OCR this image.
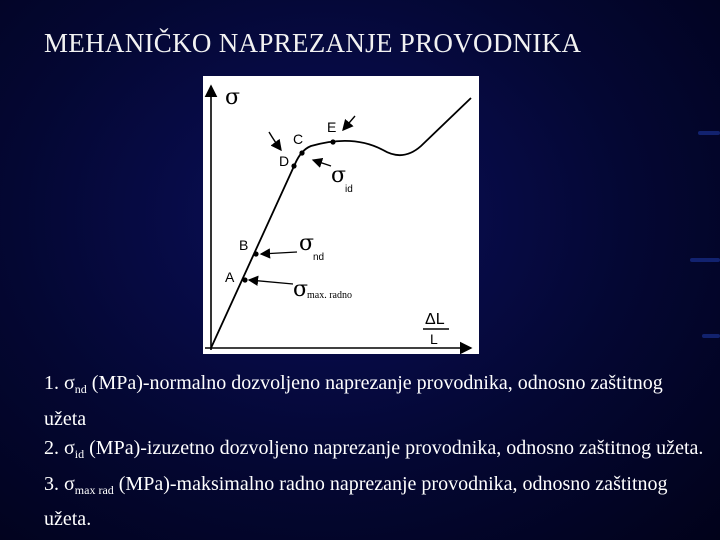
MEHANIČKO NAPREZANJE PROVODNIKA
A
B
D
C
E
σ
ΔL
L
σ
id
σ
nd
σ
max. radno

1. $\sigma_{nd}$ (MPa)-normalno dozvoljeno naprezanje provodnika, odnosno zaštitnog užeta

2. $\sigma_{id}$ (MPa)-izuzetno dozvoljeno naprezanje provodnika, odnosno zaštitnog užeta.

3. $\sigma_{max rad}$ (MPa)-maksimalno radno naprezanje provodnika, odnosno zaštitnog užeta.
